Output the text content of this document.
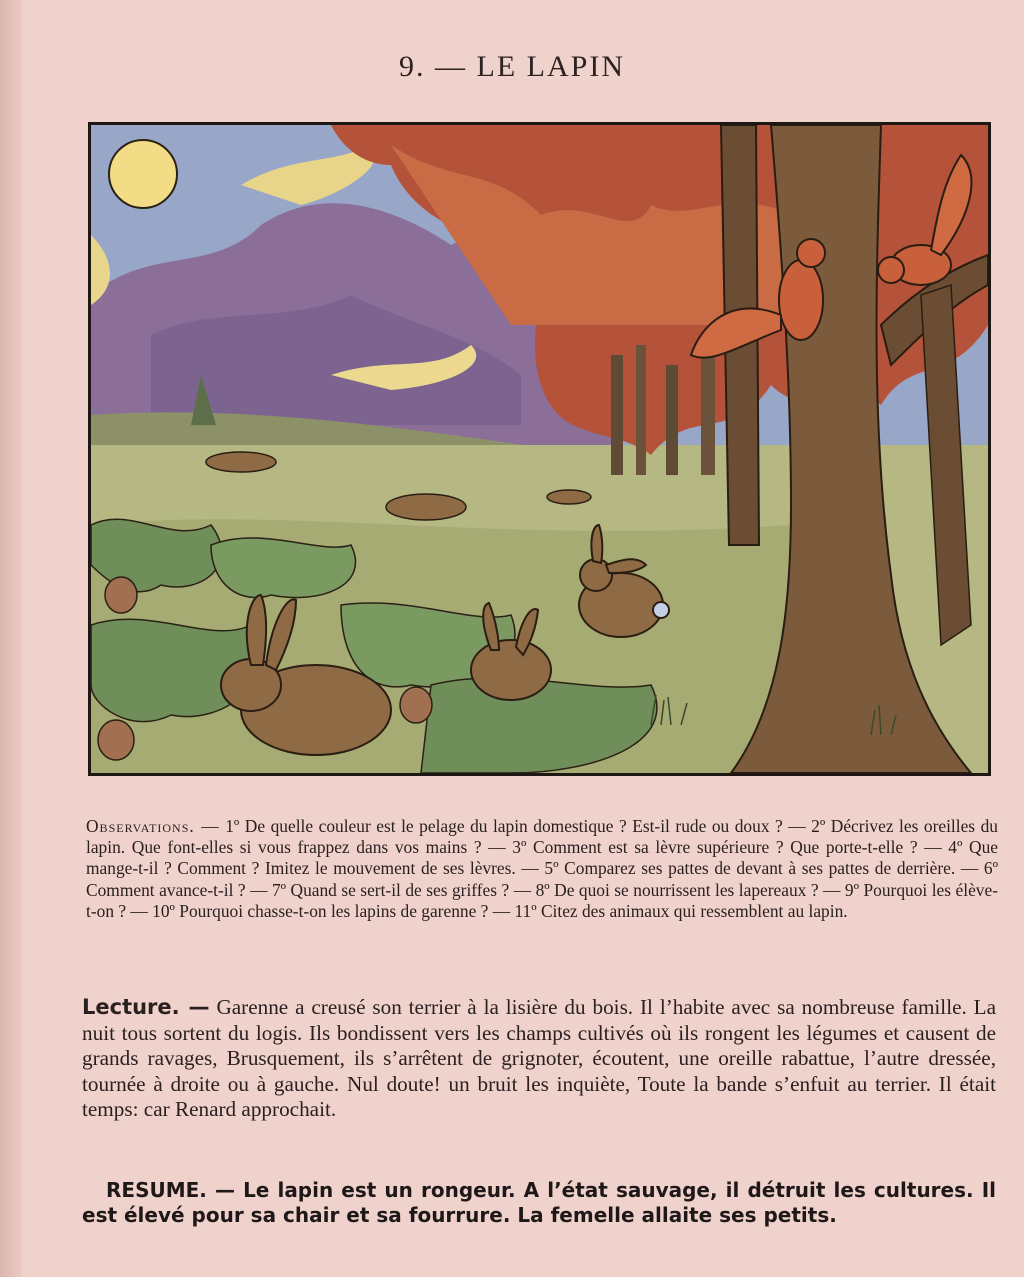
9. — LE LAPIN
Observations. — 1º De quelle couleur est le pelage du lapin domestique ? Est-il rude ou doux ? — 2º Décrivez les oreilles du lapin. Que font-elles si vous frappez dans vos mains ? — 3º Comment est sa lèvre supérieure ? Que porte-t-elle ? — 4º Que mange-t-il ? Comment ? Imitez le mouvement de ses lèvres. — 5º Comparez ses pattes de devant à ses pattes de derrière. — 6º Comment avance-t-il ? — 7º Quand se sert-il de ses griffes ? — 8º De quoi se nourrissent les lapereaux ? — 9º Pourquoi les élève-t-on ? — 10º Pourquoi chasse-t-on les lapins de garenne ? — 11º Citez des animaux qui ressemblent au lapin.
Lecture. — Garenne a creusé son terrier à la lisière du bois. Il l’habite avec sa nombreuse famille. La nuit tous sortent du logis. Ils bondissent vers les champs cultivés où ils rongent les légumes et causent de grands ravages, Brusquement, ils s’arrêtent de grignoter, écoutent, une oreille rabattue, l’autre dressée, tournée à droite ou à gauche. Nul doute! un bruit les inquiète, Toute la bande s’enfuit au terrier. Il était temps: car Renard approchait.
RESUME. — Le lapin est un rongeur. A l’état sauvage, il détruit les cultures. Il est élevé pour sa chair et sa fourrure. La femelle allaite ses petits.
